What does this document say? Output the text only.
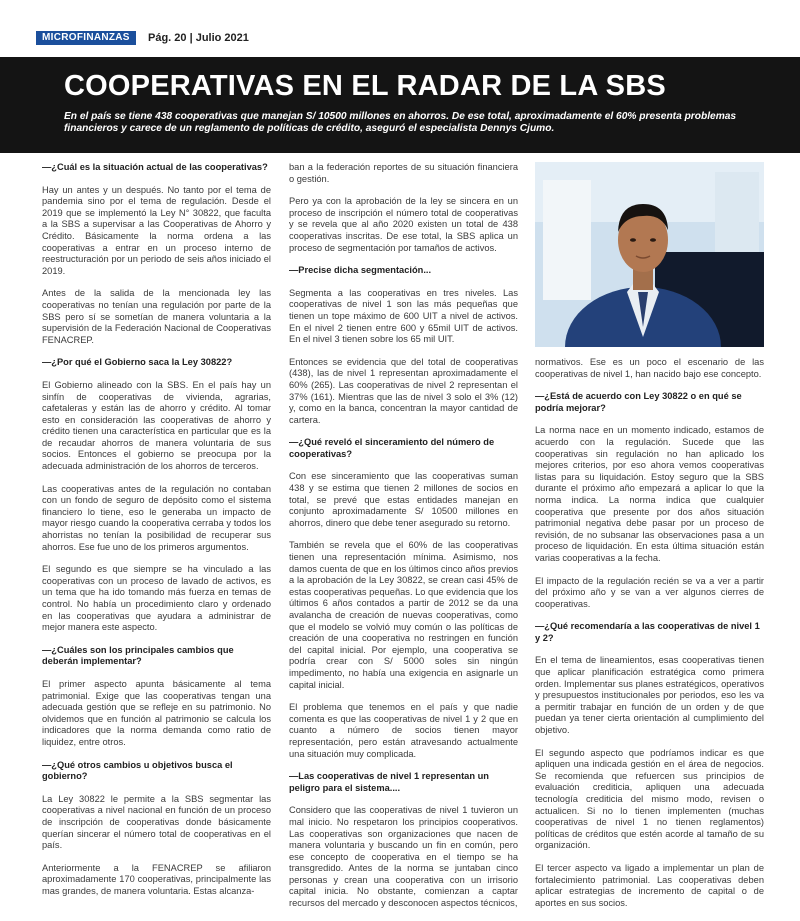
MICROFINANZAS	Pág. 20 | Julio 2021
COOPERATIVAS EN EL RADAR DE LA SBS
En el país se tiene 438 cooperativas que manejan S/ 10500 millones en ahorros. De ese total, aproximadamente el 60% presenta problemas financieros y carece de un reglamento de políticas de crédito, aseguró el especialista Dennys Cjumo.
—¿Cuál es la situación actual de las cooperativas?

Hay un antes y un después. No tanto por el tema de pandemia sino por el tema de regulación. Desde el 2019 que se implementó la Ley N° 30822, que faculta a la SBS a supervisar a las Cooperativas de Ahorro y Crédito. Básicamente la norma ordena a las cooperativas a entrar en un proceso interno de reestructuración por un periodo de seis años iniciado el 2019.

Antes de la salida de la mencionada ley las cooperativas no tenían una regulación por parte de la SBS pero sí se sometían de manera voluntaria a la supervisión de la Federación Nacional de Cooperativas FENACREP.

—¿Por qué el Gobierno saca la Ley 30822?

El Gobierno alineado con la SBS. En el país hay un sinfín de cooperativas de vivienda, agrarias, cafetaleras y están las de ahorro y crédito. Al tomar esto en consideración las cooperativas de ahorro y crédito tienen una característica en particular que es la de recaudar ahorros de manera voluntaria de sus socios. Entonces el gobierno se preocupa por la adecuada administración de los ahorros de terceros.

Las cooperativas antes de la regulación no contaban con un fondo de seguro de depósito como el sistema financiero lo tiene, eso le generaba un impacto de mayor riesgo cuando la cooperativa cerraba y todos los ahorristas no tenían la posibilidad de recuperar sus ahorros. Ese fue uno de los primeros argumentos.

El segundo es que siempre se ha vinculado a las cooperativas con un proceso de lavado de activos, es un tema que ha ido tomando más fuerza en temas de control. No había un procedimiento claro y ordenado en las cooperativas que ayudara a administrar de mejor manera este aspecto.

—¿Cuáles son los principales cambios que deberán implementar?

El primer aspecto apunta básicamente al tema patrimonial. Exige que las cooperativas tengan una adecuada gestión que se refleje en su patrimonio. No olvidemos que en función al patrimonio se calcula los indicadores que la norma demanda como ratio de liquidez, entre otros.

—¿Qué otros cambios u objetivos busca el gobierno?

La Ley 30822 le permite a la SBS segmentar las cooperativas a nivel nacional en función de un proceso de inscripción de cooperativas donde básicamente querían sincerar el número total de cooperativas en el país.

Anteriormente a la FENACREP se afiliaron aproximadamente 170 cooperativas, principalmente las mas grandes, de manera voluntaria. Estas alcanza-

ban a la federación reportes de su situación financiera o gestión.

Pero ya con la aprobación de la ley se sincera en un proceso de inscripción el número total de cooperativas y se revela que al año 2020 existen un total de 438 cooperativas inscritas. De ese total, la SBS aplica un proceso de segmentación por tamaños de activos.

—Precise dicha segmentación...

Segmenta a las cooperativas en tres niveles. Las cooperativas de nivel 1 son las más pequeñas que tienen un tope máximo de 600 UIT a nivel de activos. En el nivel 2 tienen entre 600 y 65mil UIT de activos. En el nivel 3 tienen sobre los 65 mil UIT.

Entonces se evidencia que del total de cooperativas (438), las de nivel 1 representan aproximadamente el 60% (265). Las cooperativas de nivel 2 representan el 37% (161). Mientras que las de nivel 3 solo el 3% (12) y, como en la banca, concentran la mayor cantidad de cartera.

—¿Qué reveló el sinceramiento del número de cooperativas?

Con ese sinceramiento que las cooperativas suman 438 y se estima que tienen 2 millones de socios en total, se prevé que estas entidades manejan en conjunto aproximadamente S/ 10500 millones en ahorros, dinero que debe tener asegurado su retorno.

También se revela que el 60% de las cooperativas tienen una representación mínima. Asimismo, nos damos cuenta de que en los últimos cinco años previos a la aprobación de la Ley 30822, se crean casi 45% de estas cooperativas pequeñas. Lo que evidencia que los últimos 6 años contados a partir de 2012 se da una avalancha de creación de nuevas cooperativas, como que el modelo se volvió muy común o las políticas de creación de una cooperativa no restringen en función del capital inicial. Por ejemplo, una cooperativa se podría crear con S/ 5000 soles sin ningún impedimento, no había una exigencia en asignarle un capital inicial.

El problema que tenemos en el país y que nadie comenta es que las cooperativas de nivel 1 y 2 que en cuanto a número de socios tienen mayor representación, pero están atravesando actualmente una situación muy complicada.

—Las cooperativas de nivel 1 representan un peligro para el sistema....

Considero que las cooperativas de nivel 1 tuvieron un mal inicio. No respetaron los principios cooperativos. Las cooperativas son organizaciones que nacen de manera voluntaria y buscando un fin en común, pero ese concepto de cooperativa en el tiempo se ha transgredido. Antes de la norma se juntaban cinco personas y crean una cooperativa con un irrisorio capital inicia. No obstante, comienzan a captar recursos del mercado y desconocen aspectos técnicos,

normativos. Ese es un poco el escenario de las cooperativas de nivel 1, han nacido bajo ese concepto.

—¿Está de acuerdo con Ley 30822 o en qué se podría mejorar?

La norma nace en un momento indicado, estamos de acuerdo con la regulación. Sucede que las cooperativas sin regulación no han aplicado los mejores criterios, por eso ahora vemos cooperativas listas para su liquidación. Estoy seguro que la SBS durante el próximo año empezará a aplicar lo que la norma indica. La norma indica que cualquier cooperativa que presente por dos años situación patrimonial negativa debe pasar por un proceso de revisión, de no subsanar las observaciones pasa a un proceso de liquidación. En esta última situación están varias cooperativas a la fecha.

El impacto de la regulación recién se va a ver a partir del próximo año y se van a ver algunos cierres de cooperativas.

—¿Qué recomendaría a las cooperativas de nivel 1 y 2?

En el tema de lineamientos, esas cooperativas tienen que aplicar planificación estratégica como primera orden. Implementar sus planes estratégicos, operativos y presupuestos institucionales por periodos, eso les va a permitir trabajar en función de un orden y de que puedan ya tener cierta orientación al cumplimiento del objetivo.

El segundo aspecto que podríamos indicar es que apliquen una indicada gestión en el área de negocios. Se recomienda que refuercen sus principios de evaluación crediticia, apliquen una adecuada tecnología crediticia del mismo modo, revisen o actualicen. Si no lo tienen implementen (muchas cooperativas de nivel 1 no tienen reglamentos) políticas de créditos que estén acorde al tamaño de su organización.

El tercer aspecto va ligado a implementar un plan de fortalecimiento patrimonial. Las cooperativas deben aplicar estrategias de incremento de capital o de aportes en sus socios.
